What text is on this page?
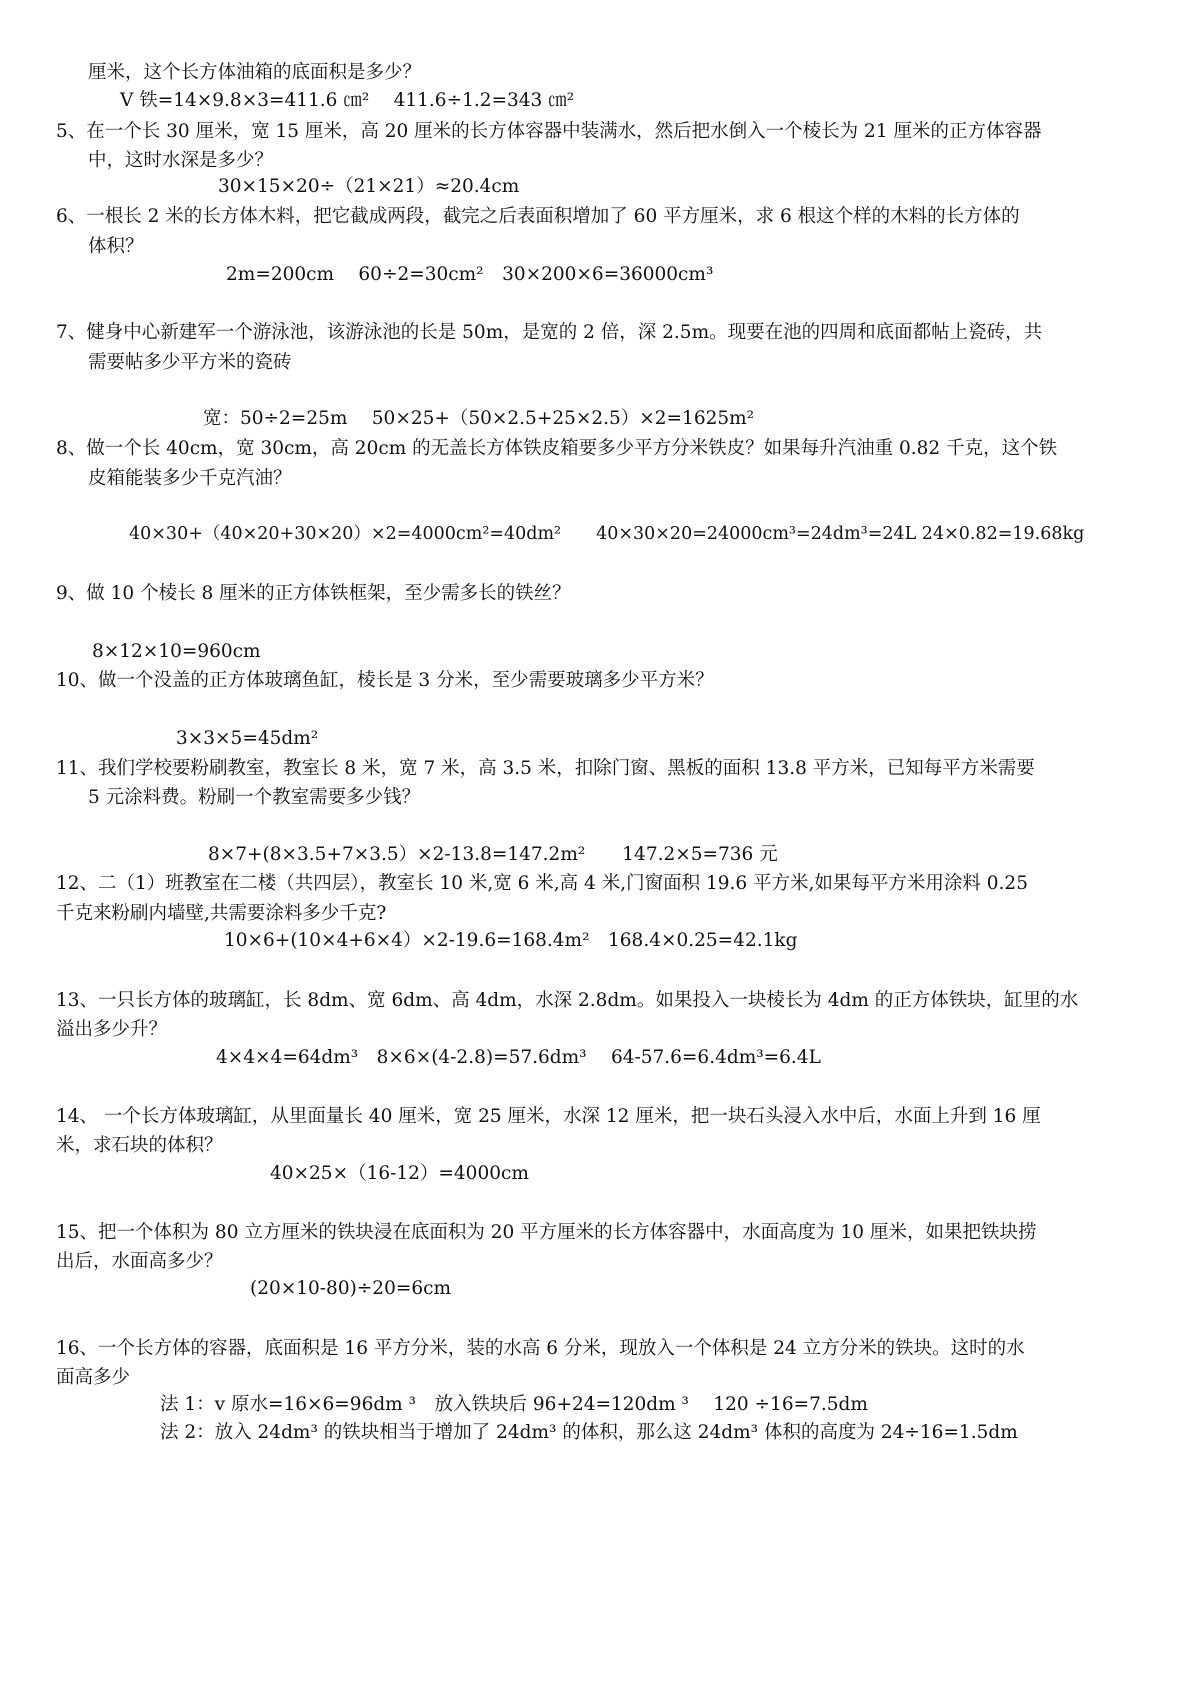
厘米，这个长方体油箱的底面积是多少？
V 铁=14×9.8×3=411.6 ㎝²　 411.6÷1.2=343 ㎝²
5、在一个长 30 厘米，宽 15 厘米，高 20 厘米的长方体容器中装满水，然后把水倒入一个棱长为 21 厘米的正方体容器
中，这时水深是多少？
30×15×20÷（21×21）≈20.4cm
6、一根长 2 米的长方体木料，把它截成两段，截完之后表面积增加了 60 平方厘米，求 6 根这个样的木料的长方体的
体积？
2m=200cm　 60÷2=30cm²　30×200×6=36000cm³
7、健身中心新建军一个游泳池，该游泳池的长是 50m，是宽的 2 倍，深 2.5m。现要在池的四周和底面都帖上瓷砖，共
需要帖多少平方米的瓷砖
宽：50÷2=25m　 50×25+（50×2.5+25×2.5）×2=1625m²
8、做一个长 40cm，宽 30cm，高 20cm 的无盖长方体铁皮箱要多少平方分米铁皮？如果每升汽油重 0.82 千克，这个铁
皮箱能装多少千克汽油？
40×30+（40×20+30×20）×2=4000cm²=40dm²　　40×30×20=24000cm³=24dm³=24L 24×0.82=19.68kg
9、做 10 个棱长 8 厘米的正方体铁框架，至少需多长的铁丝？
8×12×10=960cm
10、做一个没盖的正方体玻璃鱼缸，棱长是 3 分米，至少需要玻璃多少平方米？
3×3×5=45dm²
11、我们学校要粉刷教室，教室长 8 米，宽 7 米，高 3.5 米，扣除门窗、黑板的面积 13.8 平方米，已知每平方米需要
5 元涂料费。粉刷一个教室需要多少钱？
8×7+(8×3.5+7×3.5）×2-13.8=147.2m²　　147.2×5=736 元
12、二（1）班教室在二楼（共四层），教室长 10 米,宽 6 米,高 4 米,门窗面积 19.6 平方米,如果每平方米用涂料 0.25
千克来粉刷内墙壁,共需要涂料多少千克?
10×6+(10×4+6×4）×2-19.6=168.4m²　168.4×0.25=42.1kg
13、一只长方体的玻璃缸，长 8dm、宽 6dm、高 4dm，水深 2.8dm。如果投入一块棱长为 4dm 的正方体铁块，缸里的水
溢出多少升？
4×4×4=64dm³　8×6×(4-2.8)=57.6dm³　 64-57.6=6.4dm³=6.4L
14、 一个长方体玻璃缸，从里面量长 40 厘米，宽 25 厘米，水深 12 厘米，把一块石头浸入水中后，水面上升到 16 厘
米，求石块的体积？
40×25×（16-12）=4000cm
15、把一个体积为 80 立方厘米的铁块浸在底面积为 20 平方厘米的长方体容器中，水面高度为 10 厘米，如果把铁块捞
出后，水面高多少？
(20×10-80)÷20=6cm
16、一个长方体的容器，底面积是 16 平方分米，装的水高 6 分米，现放入一个体积是 24 立方分米的铁块。这时的水
面高多少
法 1：v 原水=16×6=96dm ³　放入铁块后 96+24=120dm ³　 120 ÷16=7.5dm
法 2：放入 24dm³ 的铁块相当于增加了 24dm³ 的体积，那么这 24dm³ 体积的高度为 24÷16=1.5dm
